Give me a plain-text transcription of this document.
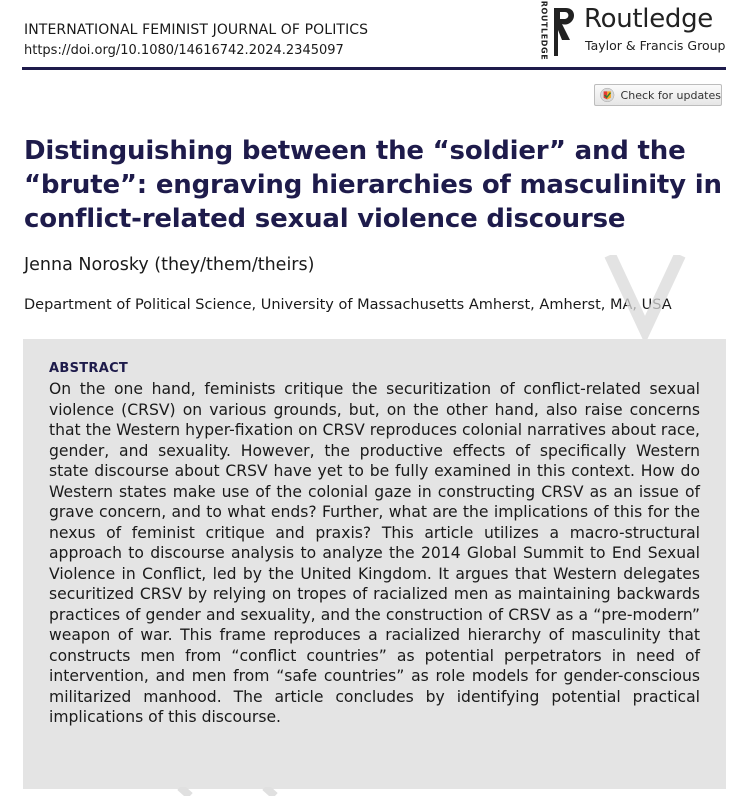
INTERNATIONAL FEMINIST JOURNAL OF POLITICS
https://doi.org/10.1080/14616742.2024.2345097	ROUTLEDGE Routledge
Taylor & Francis Group
Check for updates
Distinguishing between the “soldier” and the “brute”: engraving hierarchies of masculinity in conflict-related sexual violence discourse
Jenna Norosky (they/them/theirs)
Department of Political Science, University of Massachusetts Amherst, Amherst, MA, USA
ABSTRACT

On the one hand, feminists critique the securitization of conflict-related sexual violence (CRSV) on various grounds, but, on the other hand, also raise concerns that the Western hyper-fixation on CRSV reproduces colonial narratives about race, gender, and sexuality. However, the productive effects of specifically Western state discourse about CRSV have yet to be fully examined in this context. How do Western states make use of the colonial gaze in constructing CRSV as an issue of grave concern, and to what ends? Further, what are the implications of this for the nexus of feminist critique and praxis? This article utilizes a macro-structural approach to discourse analysis to analyze the 2014 Global Summit to End Sexual Violence in Conflict, led by the United Kingdom. It argues that Western delegates securitized CRSV by relying on tropes of racialized men as maintaining backwards practices of gender and sexuality, and the construction of CRSV as a “pre-modern” weapon of war. This frame reproduces a racialized hierarchy of masculinity that constructs men from “conflict countries” as potential perpetrators in need of intervention, and men from “safe countries” as role models for gender-conscious militarized manhood. The article concludes by identifying potential practical implications of this discourse.
